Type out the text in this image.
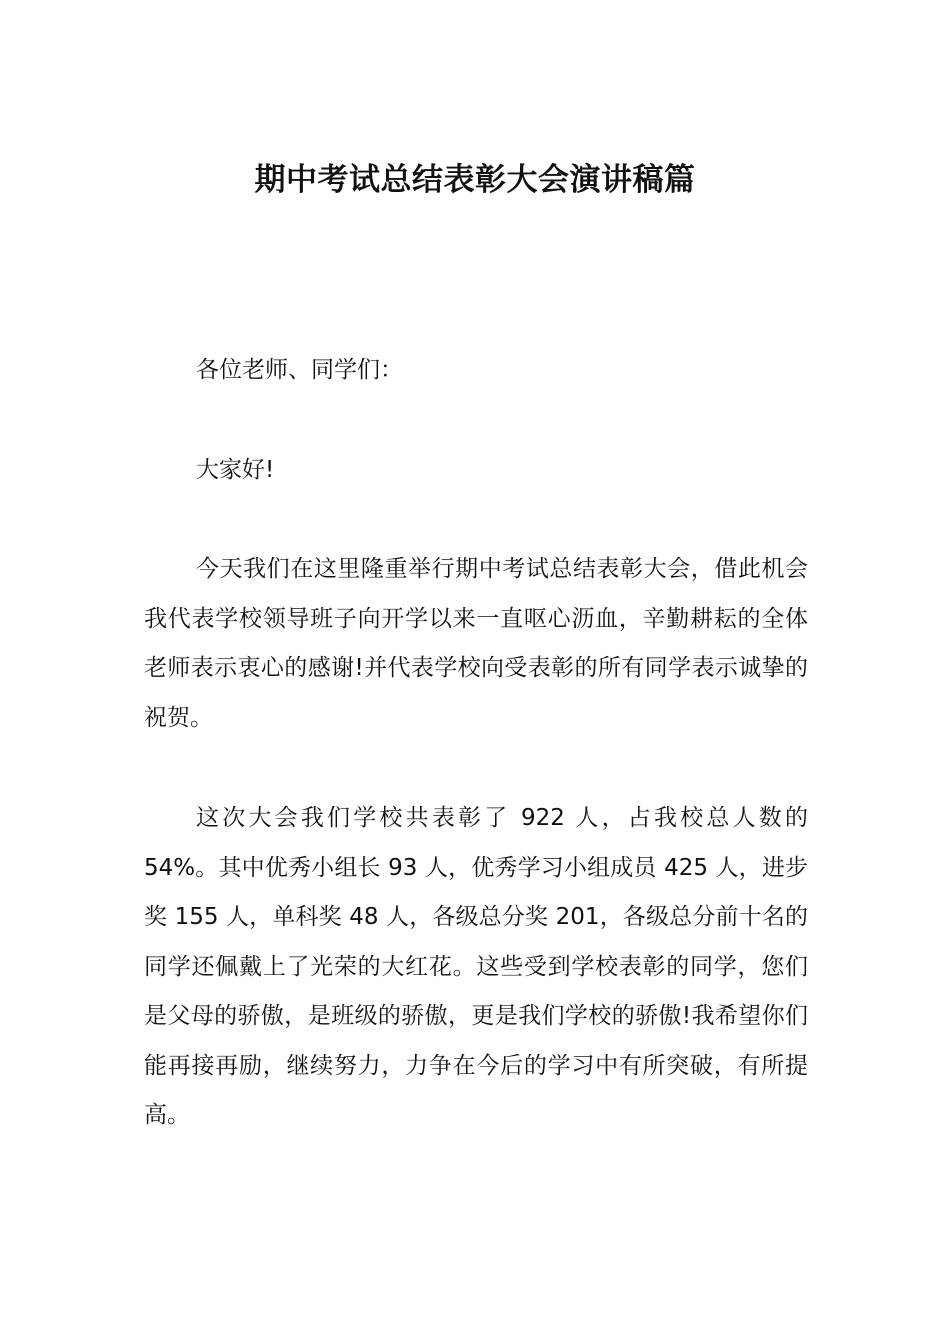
期中考试总结表彰大会演讲稿篇

各位老师、同学们：

大家好!

今天我们在这里隆重举行期中考试总结表彰大会，借此机会我代表学校领导班子向开学以来一直呕心沥血，辛勤耕耘的全体老师表示衷心的感谢!并代表学校向受表彰的所有同学表示诚挚的祝贺。

这次大会我们学校共表彰了 922 人，占我校总人数的 54%。其中优秀小组长 93 人，优秀学习小组成员 425 人，进步奖 155 人，单科奖 48 人，各级总分奖 201，各级总分前十名的同学还佩戴上了光荣的大红花。这些受到学校表彰的同学，您们是父母的骄傲，是班级的骄傲，更是我们学校的骄傲!我希望你们能再接再励，继续努力，力争在今后的学习中有所突破，有所提高。
